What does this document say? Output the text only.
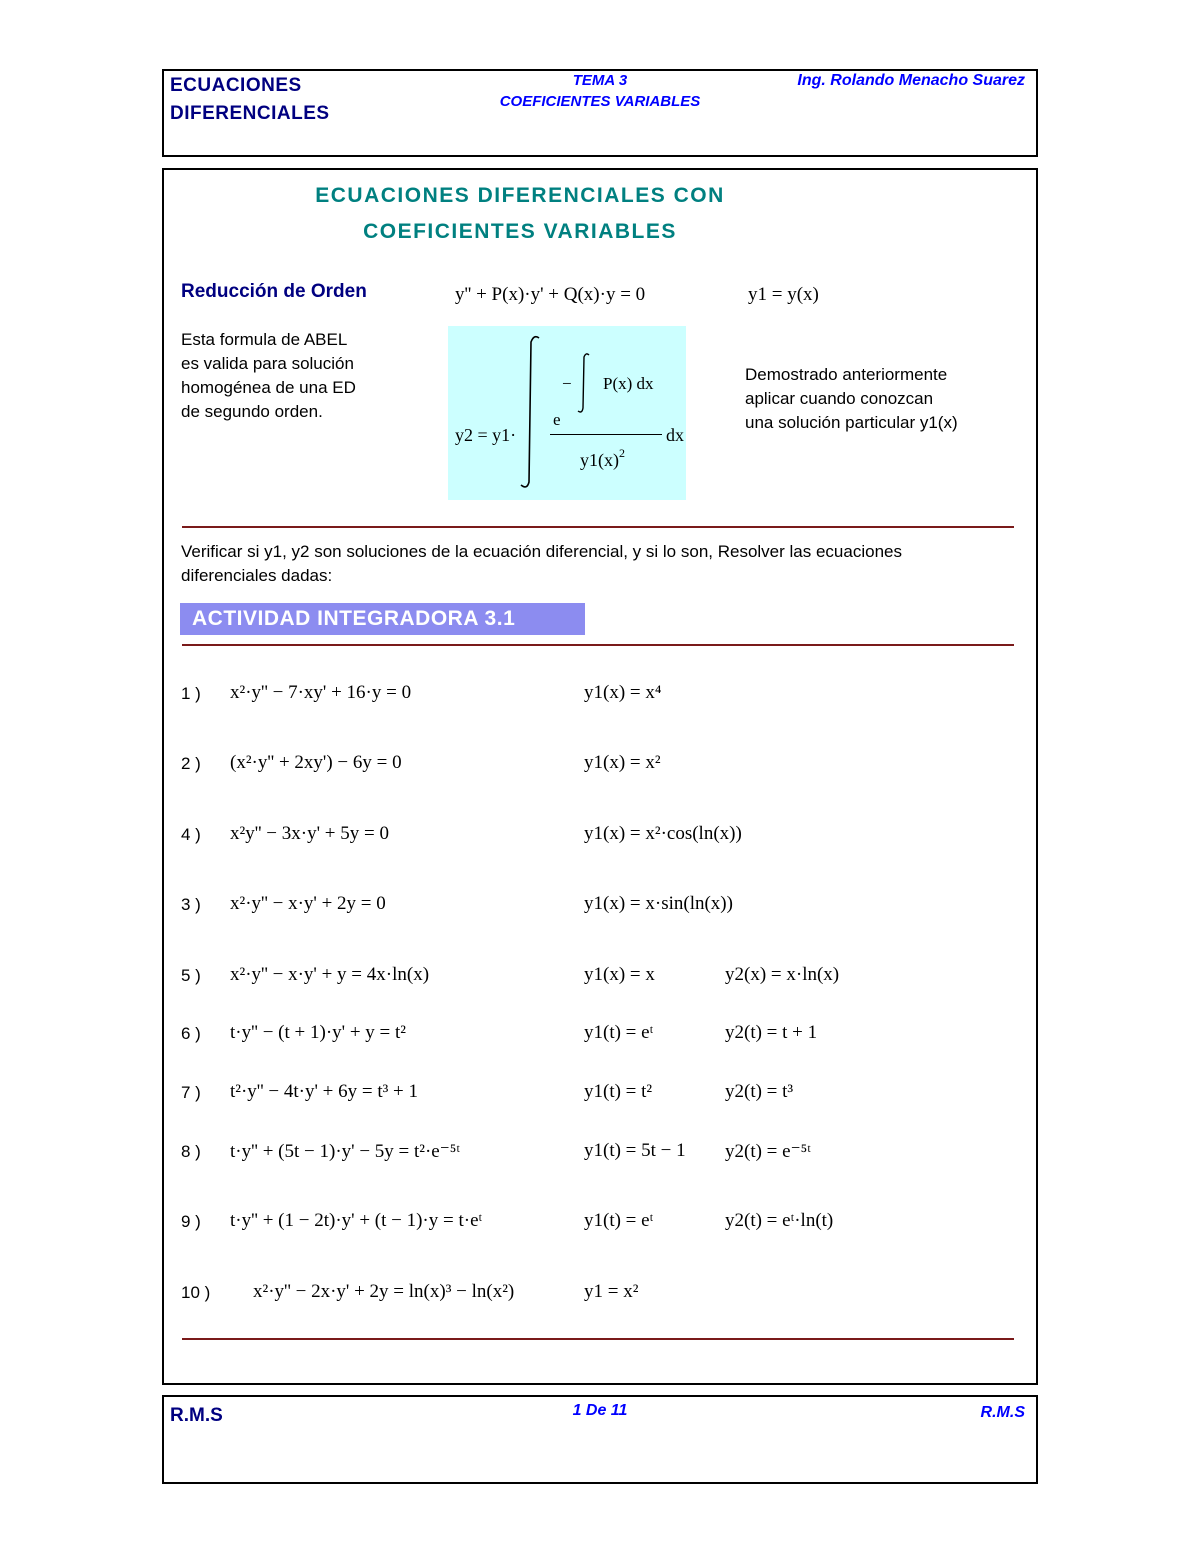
ECUACIONES
DIFERENCIALES
TEMA 3
COEFICIENTES VARIABLES
Ing. Rolando Menacho Suarez
ECUACIONES DIFERENCIALES CON
COEFICIENTES VARIABLES
Reducción de Orden	y'' + P(x)·y' + Q(x)·y = 0	y1 = y(x)
Esta formula de ABEL
es valida para solución
homogénea de una ED
de segundo orden.
y2 = y1·
− P(x) dx
e
$y1(x)^2$
dx
Demostrado anteriormente
aplicar cuando conozcan
una solución particular y1(x)
Verificar si y1, y2 son soluciones de la ecuación diferencial, y si lo son, Resolver las ecuaciones
diferenciales dadas:
ACTIVIDAD INTEGRADORA 3.1
1 ) x²·y'' − 7·xy' + 16·y = 0	y1(x) = x⁴
2 ) (x²·y'' + 2xy') − 6y = 0	y1(x) = x²
4 ) x²y'' − 3x·y' + 5y = 0	y1(x) = x²·cos(ln(x))
3 ) x²·y'' − x·y' + 2y = 0	y1(x) = x·sin(ln(x))
5 ) x²·y'' − x·y' + y = 4x·ln(x)	y1(x) = x	y2(x) = x·ln(x)
6 ) t·y'' − (t + 1)·y' + y = t²	y1(t) = eᵗ	y2(t) = t + 1
7 ) t²·y'' − 4t·y' + 6y = t³ + 1	y1(t) = t²	y2(t) = t³
8 ) t·y'' + (5t − 1)·y' − 5y = t²·e⁻⁵ᵗ	y1(t) = 5t − 1 y2(t) = e⁻⁵ᵗ
9 ) t·y'' + (1 − 2t)·y' + (t − 1)·y = t·eᵗ	y1(t) = eᵗ	y2(t) = eᵗ·ln(t)
10 ) x²·y'' − 2x·y' + 2y = ln(x)³ − ln(x²)	y1 = x²
R.M.S	1 De 11	R.M.S
